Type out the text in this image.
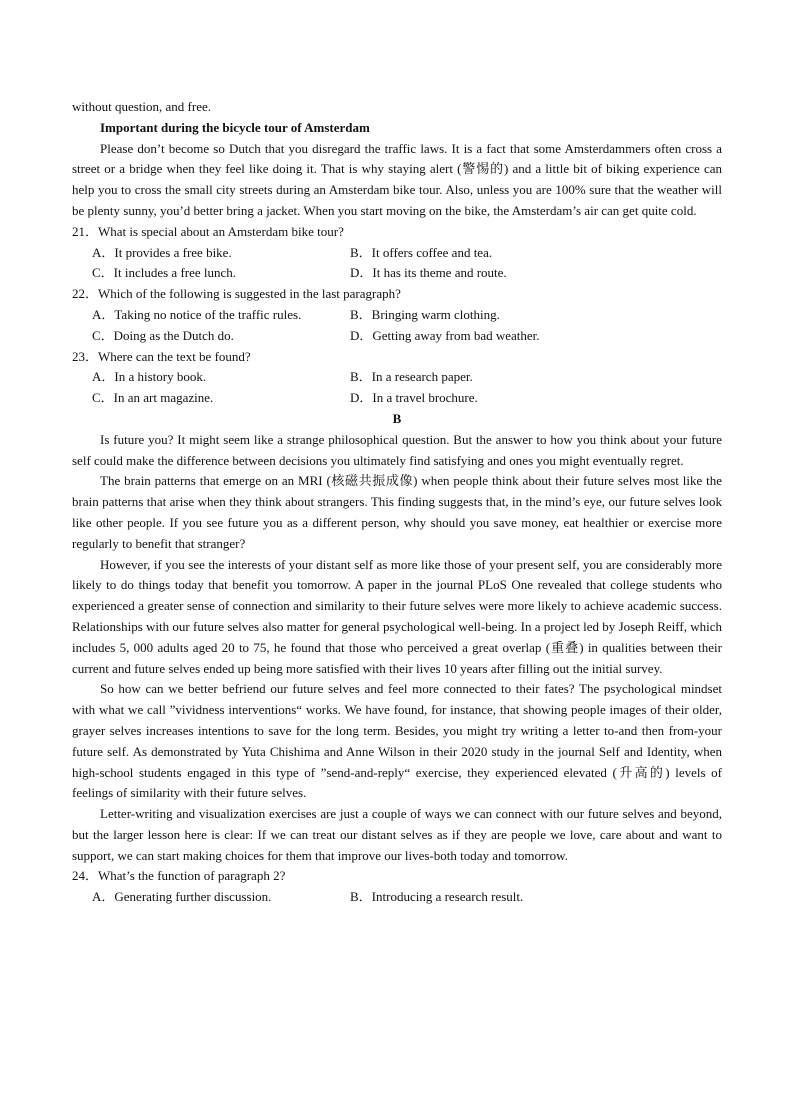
without question, and free.

Important during the bicycle tour of Amsterdam

Please don’t become so Dutch that you disregard the traffic laws. It is a fact that some Amsterdammers often cross a street or a bridge when they feel like doing it. That is why staying alert (警惕的) and a little bit of biking experience can help you to cross the small city streets during an Amsterdam bike tour. Also, unless you are 100% sure that the weather will be plenty sunny, you’d better bring a jacket. When you start moving on the bike, the Amsterdam’s air can get quite cold.

21．What is special about an Amsterdam bike tour?

A．It provides a free bike.	B．It offers coffee and tea.
C．It includes a free lunch.	D．It has its theme and route.

22．Which of the following is suggested in the last paragraph?

A．Taking no notice of the traffic rules.	B．Bringing warm clothing.
C．Doing as the Dutch do.	D．Getting away from bad weather.

23．Where can the text be found?

A．In a history book.	B．In a research paper.
C．In an art magazine.	D．In a travel brochure.

B

Is future you? It might seem like a strange philosophical question. But the answer to how you think about your future self could make the difference between decisions you ultimately find satisfying and ones you might eventually regret.

The brain patterns that emerge on an MRI (核磁共振成像) when people think about their future selves most like the brain patterns that arise when they think about strangers. This finding suggests that, in the mind’s eye, our future selves look like other people. If you see future you as a different person, why should you save money, eat healthier or exercise more regularly to benefit that stranger?

However, if you see the interests of your distant self as more like those of your present self, you are considerably more likely to do things today that benefit you tomorrow. A paper in the journal PLoS One revealed that college students who experienced a greater sense of connection and similarity to their future selves were more likely to achieve academic success. Relationships with our future selves also matter for general psychological well-being. In a project led by Joseph Reiff, which includes 5, 000 adults aged 20 to 75, he found that those who perceived a great overlap (重叠) in qualities between their current and future selves ended up being more satisfied with their lives 10 years after filling out the initial survey.

So how can we better befriend our future selves and feel more connected to their fates? The psychological mindset with what we call ”vividness interventions“ works. We have found, for instance, that showing people images of their older, grayer selves increases intentions to save for the long term. Besides, you might try writing a letter to-and then from-your future self. As demonstrated by Yuta Chishima and Anne Wilson in their 2020 study in the journal Self and Identity, when high-school students engaged in this type of ”send-and-reply“ exercise, they experienced elevated (升高的) levels of feelings of similarity with their future selves.

Letter-writing and visualization exercises are just a couple of ways we can connect with our future selves and beyond, but the larger lesson here is clear: If we can treat our distant selves as if they are people we love, care about and want to support, we can start making choices for them that improve our lives-both today and tomorrow.

24．What’s the function of paragraph 2?

A．Generating further discussion.	B．Introducing a research result.
